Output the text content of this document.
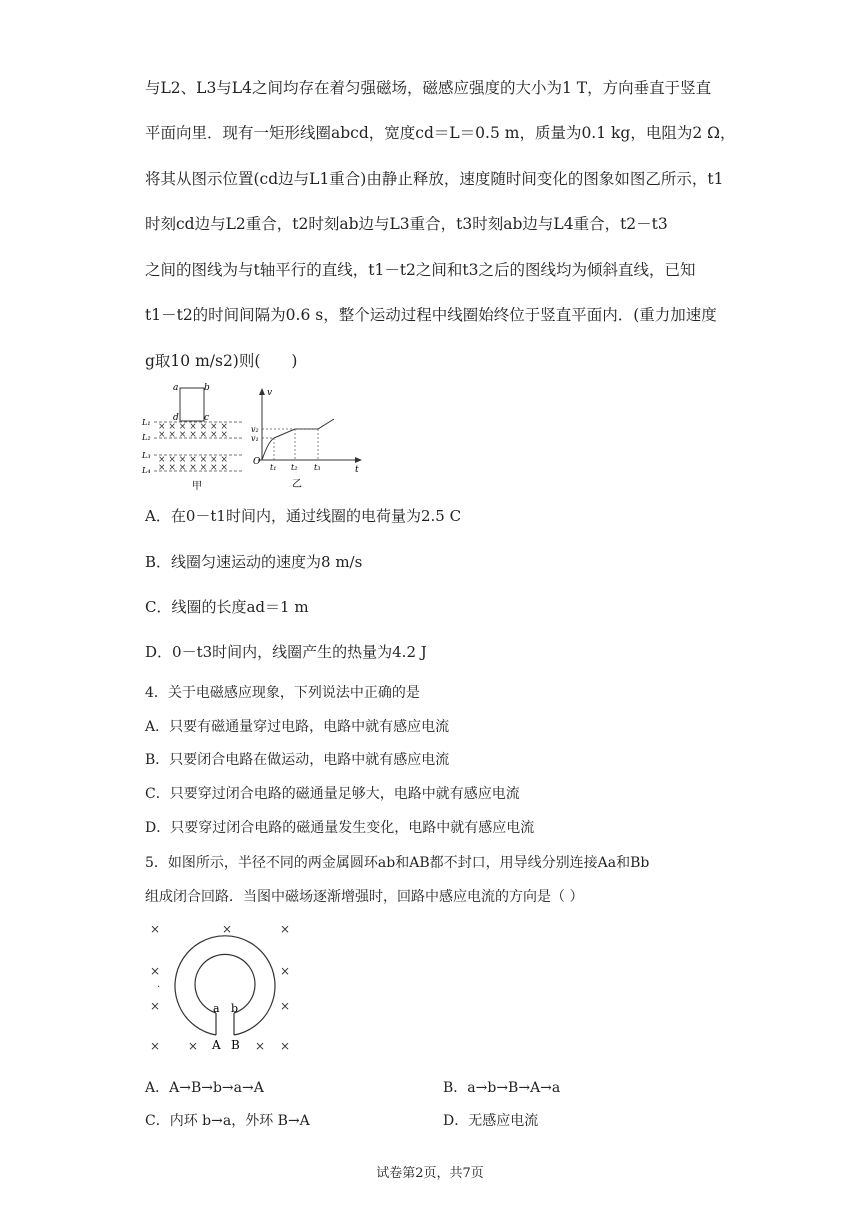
与L2、L3与L4之间均存在着匀强磁场，磁感应强度的大小为1 T，方向垂直于竖直
平面向里．现有一矩形线圈abcd，宽度cd＝L＝0.5 m，质量为0.1 kg，电阻为2 Ω，
将其从图示位置(cd边与L1重合)由静止释放，速度随时间变化的图象如图乙所示，t1
时刻cd边与L2重合，t2时刻ab边与L3重合，t3时刻ab边与L4重合，t2－t3
之间的图线为与t轴平行的直线，t1－t2之间和t3之后的图线均为倾斜直线，已知
t1－t2的时间间隔为0.6 s，整个运动过程中线圈始终位于竖直平面内．(重力加速度
g取10 m/s2)则(　　)
a	b
d	c
L₁
L₂
L₃
L₄
× × × × × × ×
× × × × × × ×
× × × × × × ×
× × × × × × ×
甲
v
t
O
v₂
v₁
t₁ t₂ t₃
乙
A．在0－t1时间内，通过线圈的电荷量为2.5 C
B．线圈匀速运动的速度为8 m/s
C．线圈的长度ad＝1 m
D．0－t3时间内，线圈产生的热量为4.2 J
4．关于电磁感应现象，下列说法中正确的是
A．只要有磁通量穿过电路，电路中就有感应电流
B．只要闭合电路在做运动，电路中就有感应电流
C．只要穿过闭合电路的磁通量足够大，电路中就有感应电流
D．只要穿过闭合电路的磁通量发生变化，电路中就有感应电流
5．如图所示，半径不同的两金属圆环ab和AB都不封口，用导线分别连接Aa和Bb
组成闭合回路．当图中磁场逐渐增强时，回路中感应电流的方向是（ ）
×	×	×
×	×
×	×
× ×	× ×
·
a b
A B
A．A→B→b→a→A	B．a→b→B→A→a
C．内环 b→a，外环 B→A	D．无感应电流
试卷第2页，共7页
